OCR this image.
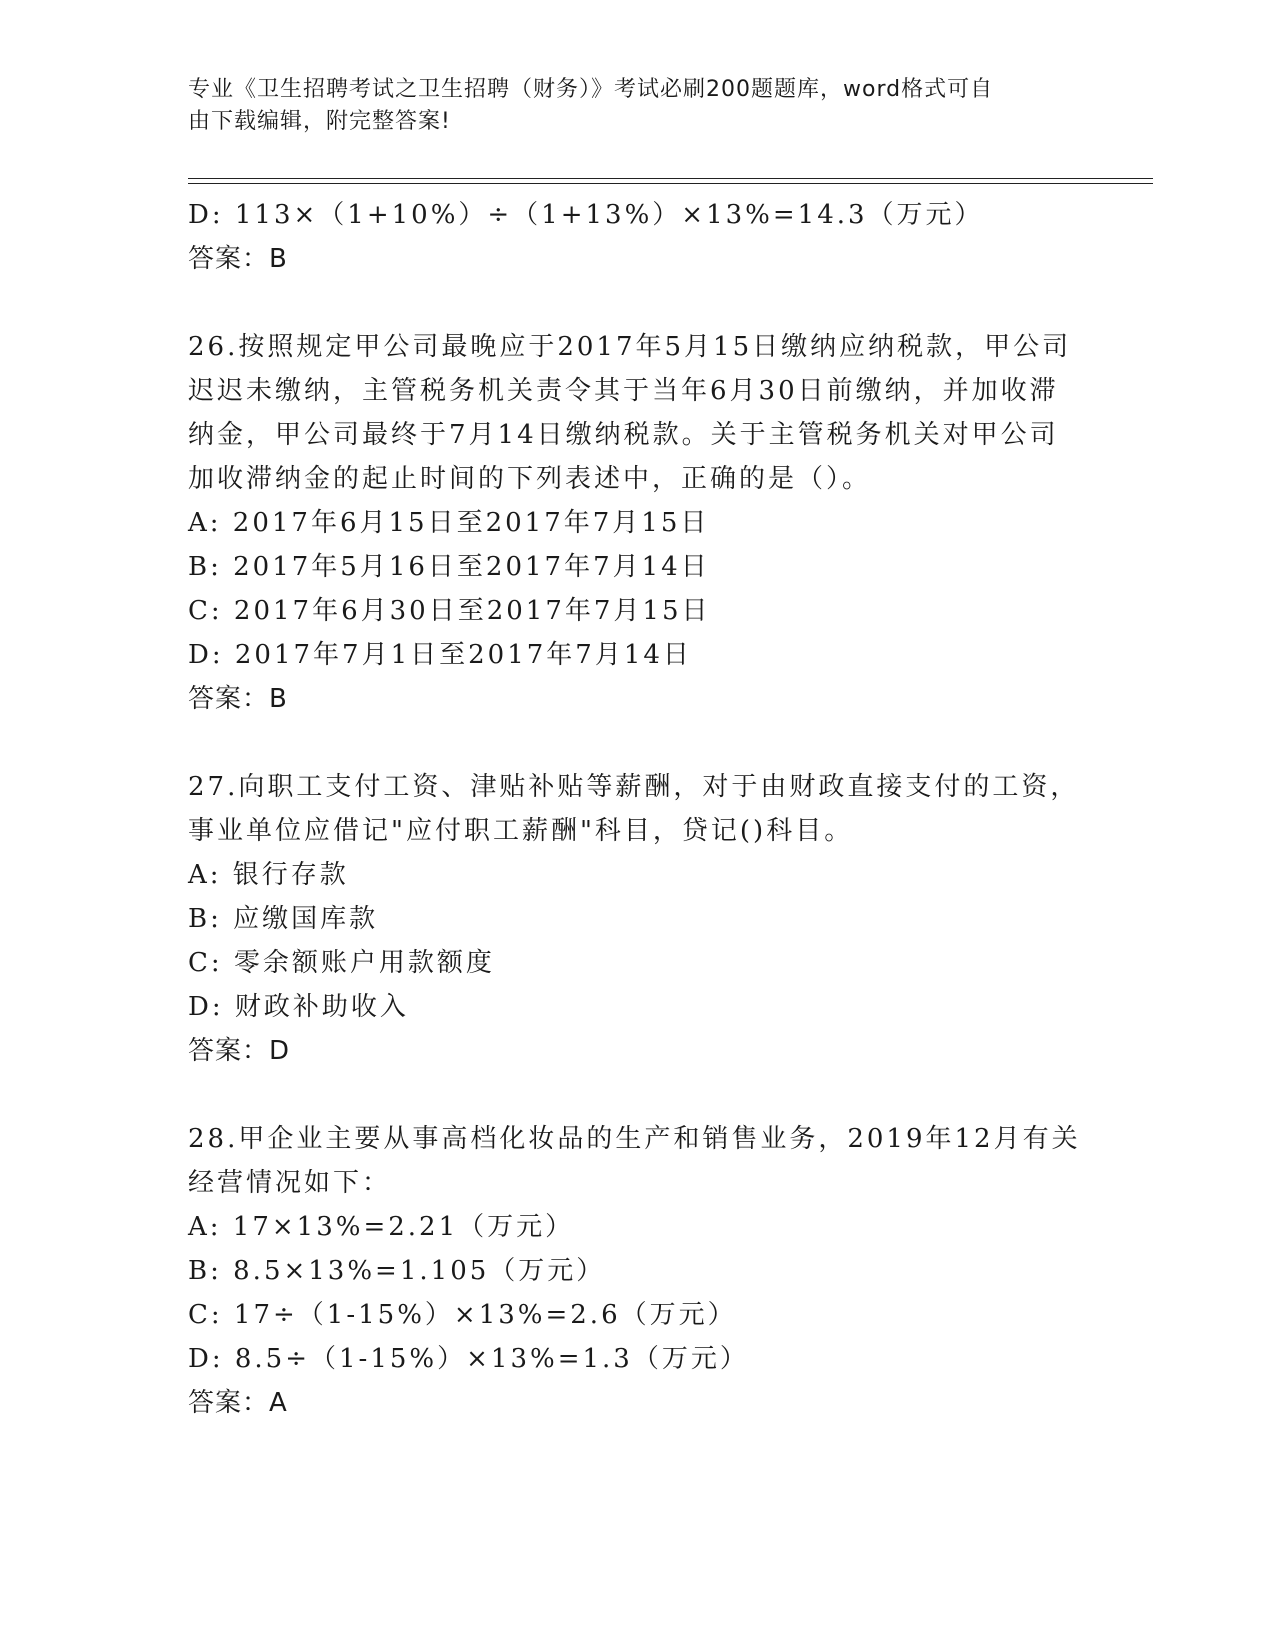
专业《卫生招聘考试之卫生招聘（财务）》考试必刷200题题库，word格式可自
由下载编辑，附完整答案!
D: 113×（1+10%）÷（1+13%）×13%=14.3（万元）
答案：B
26.按照规定甲公司最晚应于2017年5月15日缴纳应纳税款，甲公司
迟迟未缴纳，主管税务机关责令其于当年6月30日前缴纳，并加收滞
纳金，甲公司最终于7月14日缴纳税款。关于主管税务机关对甲公司
加收滞纳金的起止时间的下列表述中，正确的是（）。
A: 2017年6月15日至2017年7月15日
B: 2017年5月16日至2017年7月14日
C: 2017年6月30日至2017年7月15日
D: 2017年7月1日至2017年7月14日
答案：B
27.向职工支付工资、津贴补贴等薪酬，对于由财政直接支付的工资，
事业单位应借记"应付职工薪酬"科目，贷记()科目。
A: 银行存款
B: 应缴国库款
C: 零余额账户用款额度
D: 财政补助收入
答案：D
28.甲企业主要从事高档化妆品的生产和销售业务，2019年12月有关
经营情况如下：
A: 17×13%=2.21（万元）
B: 8.5×13%=1.105（万元）
C: 17÷（1-15%）×13%=2.6（万元）
D: 8.5÷（1-15%）×13%=1.3（万元）
答案：A
